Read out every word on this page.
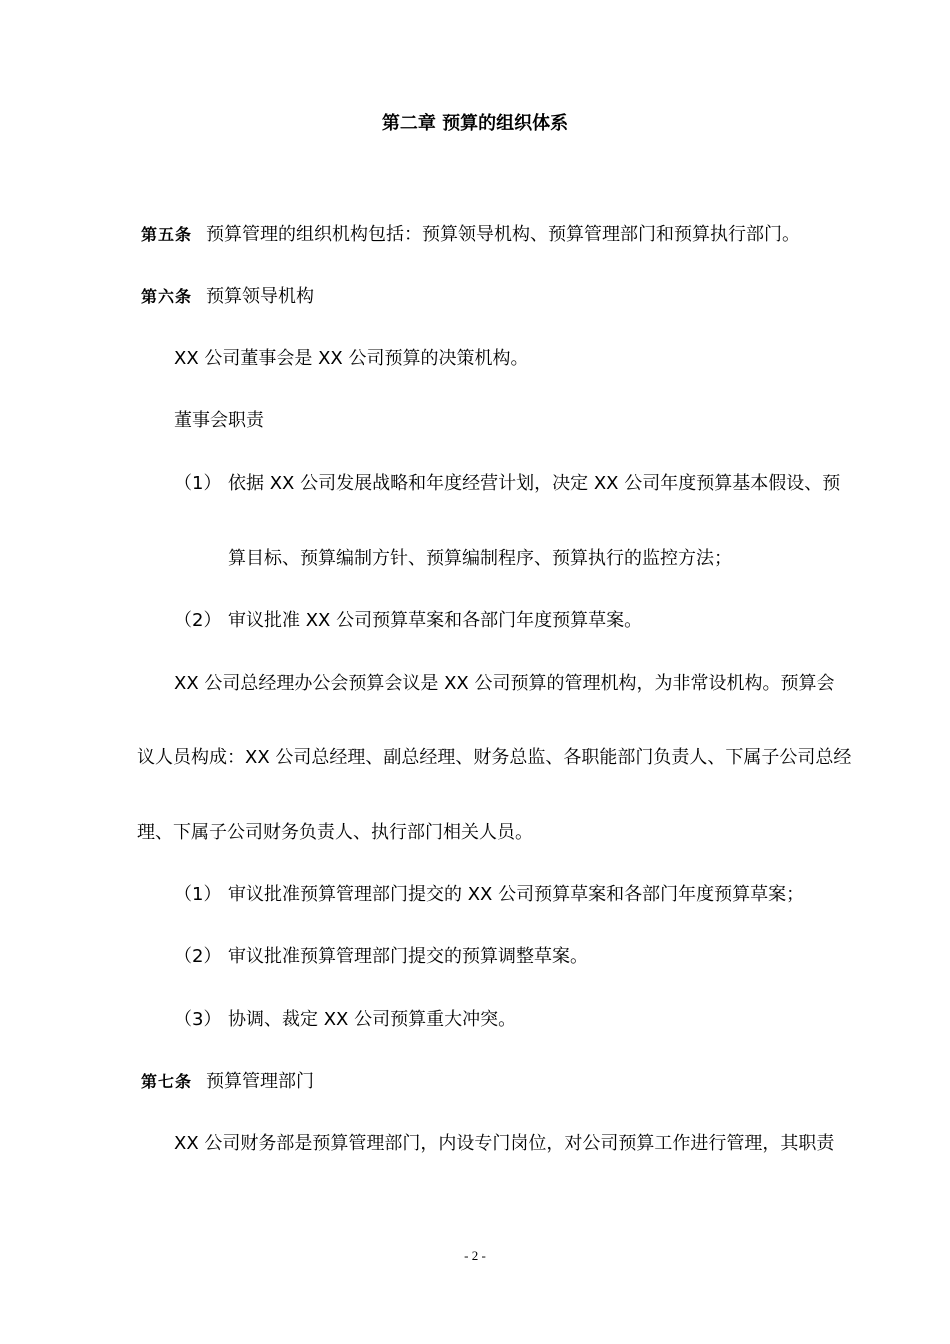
第二章 预算的组织体系
第五条 预算管理的组织机构包括：预算领导机构、预算管理部门和预算执行部门。
第六条 预算领导机构
XX 公司董事会是 XX 公司预算的决策机构。
董事会职责
（1） 依据 XX 公司发展战略和年度经营计划，决定 XX 公司年度预算基本假设、预
算目标、预算编制方针、预算编制程序、预算执行的监控方法；
（2） 审议批准 XX 公司预算草案和各部门年度预算草案。
XX 公司总经理办公会预算会议是 XX 公司预算的管理机构，为非常设机构。预算会
议人员构成：XX 公司总经理、副总经理、财务总监、各职能部门负责人、下属子公司总经
理、下属子公司财务负责人、执行部门相关人员。
（1） 审议批准预算管理部门提交的 XX 公司预算草案和各部门年度预算草案；
（2） 审议批准预算管理部门提交的预算调整草案。
（3） 协调、裁定 XX 公司预算重大冲突。
第七条 预算管理部门
XX 公司财务部是预算管理部门，内设专门岗位，对公司预算工作进行管理，其职责
- 2 -
